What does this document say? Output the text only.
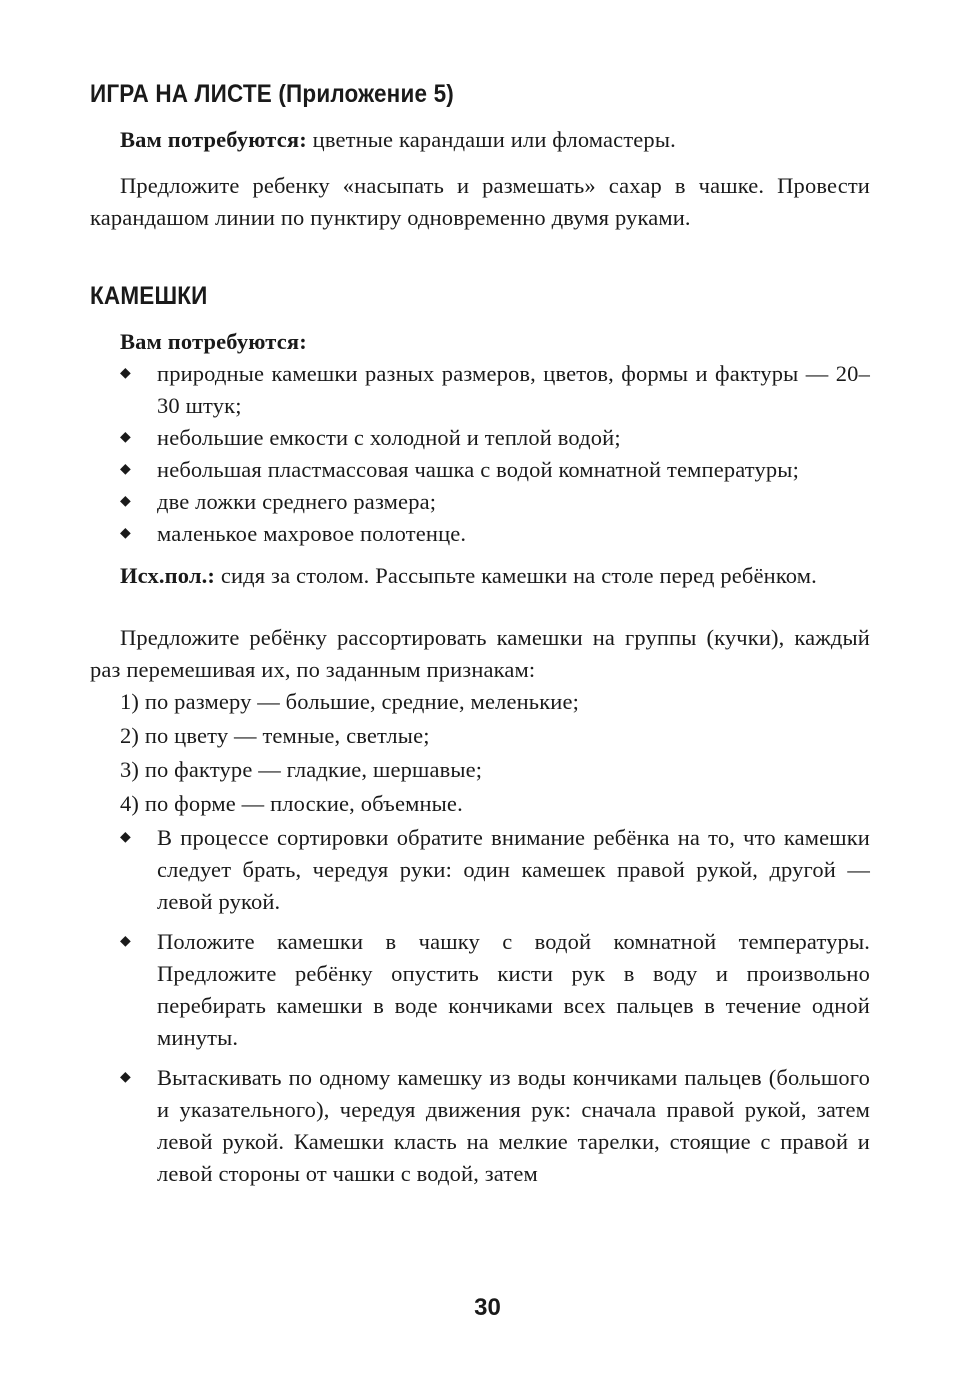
ИГРА НА ЛИСТЕ (Приложение 5)

Вам потребуются: цветные карандаши или фломастеры.

Предложите ребенку «насыпать и размешать» сахар в чашке. Провести карандашом линии по пунктиру одновременно двумя руками.

КАМЕШКИ

Вам потребуются:

◆ природные камешки разных размеров, цветов, формы и фактуры — 20–30 штук;
◆ небольшие емкости с холодной и теплой водой;
◆ небольшая пластмассовая чашка с водой комнатной температуры;
◆ две ложки среднего размера;
◆ маленькое махровое полотенце.

Исх.пол.: сидя за столом. Рассыпьте камешки на столе перед ребёнком.

Предложите ребёнку рассортировать камешки на группы (кучки), каждый раз перемешивая их, по заданным признакам:

1) по размеру — большие, средние, меленькие;
2) по цвету — темные, светлые;
3) по фактуре — гладкие, шершавые;
4) по форме — плоские, объемные.
◆ В процессе сортировки обратите внимание ребёнка на то, что камешки следует брать, чередуя руки: один камешек правой рукой, другой — левой рукой.
◆ Положите камешки в чашку с водой комнатной температуры. Предложите ребёнку опустить кисти рук в воду и произвольно перебирать камешки в воде кончиками всех пальцев в течение одной минуты.
◆ Вытаскивать по одному камешку из воды кончиками пальцев (большого и указательного), чередуя движения рук: сначала правой рукой, затем левой рукой. Камешки класть на мелкие тарелки, стоящие с правой и левой стороны от чашки с водой, затем
30
